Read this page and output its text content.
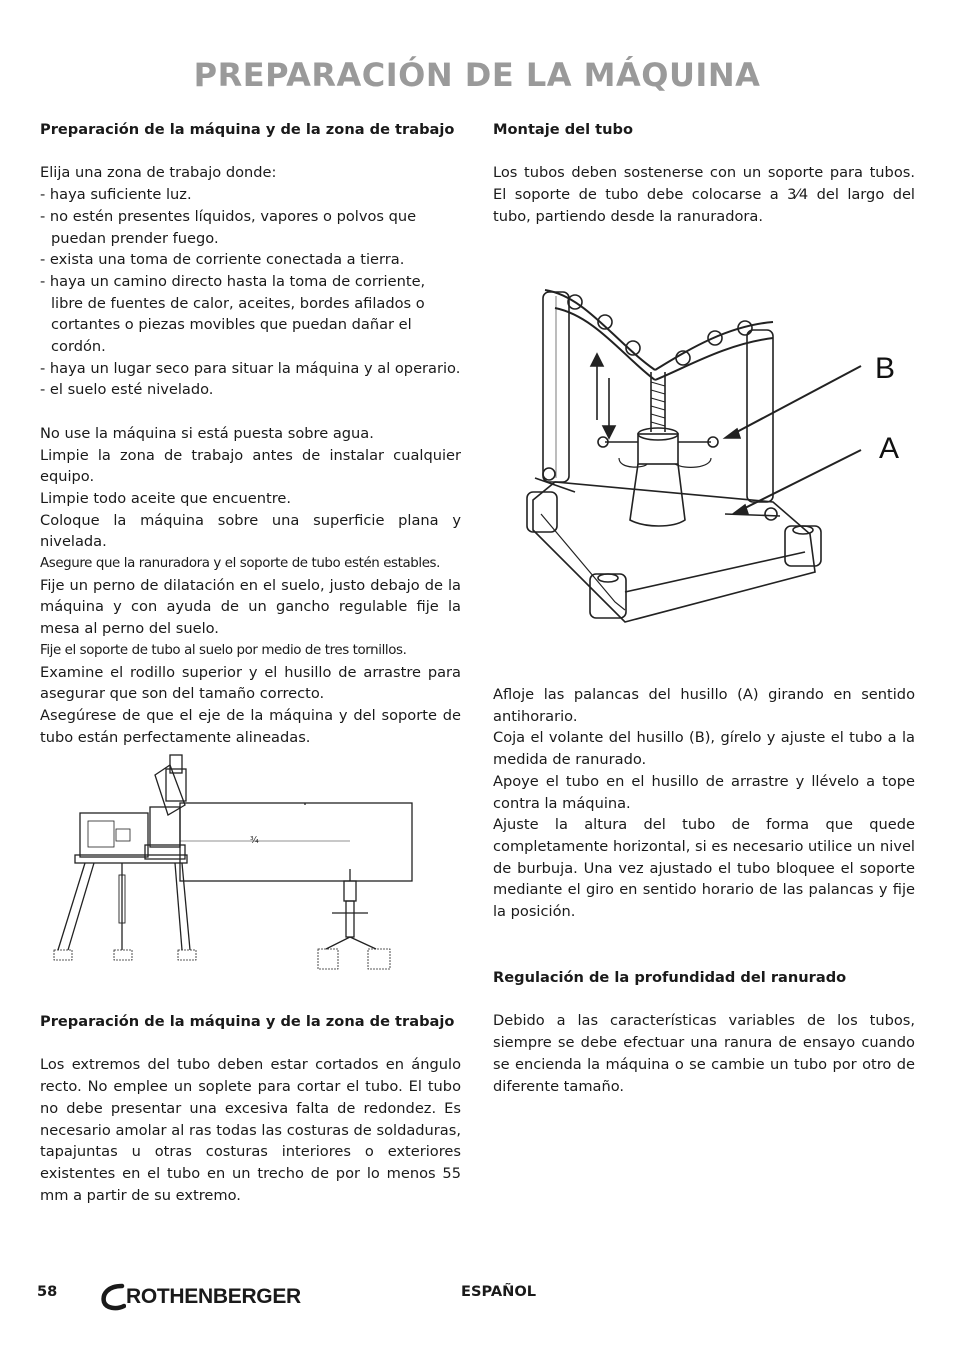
PREPARACIÓN DE LA MÁQUINA

Preparación de la máquina y de la zona de trabajo

Elija una zona de trabajo donde:

- haya suficiente luz.

- no estén presentes líquidos, vapores o polvos que puedan prender fuego.

- exista una toma de corriente conectada a tierra.

- haya un camino directo hasta la toma de corriente, libre de fuentes de calor, aceites, bordes afilados o cortantes o piezas movibles que puedan dañar el cordón.

- haya un lugar seco para situar la máquina y al operario.

- el suelo esté nivelado.

No use la máquina si está puesta sobre agua.

Limpie la zona de trabajo antes de instalar cualquier equipo.

Limpie todo aceite que encuentre.

Coloque la máquina sobre una superficie plana y nivelada.

Asegure que la ranuradora y el soporte de tubo estén estables.

Fije un perno de dilatación en el suelo, justo debajo de la máquina y con ayuda de un gancho regulable fije la mesa al perno del suelo.

Fije el soporte de tubo al suelo por medio de tres tornillos.

Examine el rodillo superior y el husillo de arrastre para asegurar que son del tamaño correcto.

Asegúrese de que el eje de la máquina y del soporte de tubo están perfectamente alineadas.

¾

Preparación de la máquina y de la zona de trabajo

Los extremos del tubo deben estar cortados en ángulo recto. No emplee un soplete para cortar el tubo. El tubo no debe presentar una excesiva falta de redondez. Es necesario amolar al ras todas las costuras de soldaduras, tapajuntas u otras costuras interiores o exteriores existentes en el tubo en un trecho de por lo menos 55 mm a partir de su extremo.

Montaje del tubo

Los tubos deben sostenerse con un soporte para tubos. El soporte de tubo debe colocarse a 3⁄4 del largo del tubo, partiendo desde la ranuradora.

B
A

Afloje las palancas del husillo (A) girando en sentido antihorario.

Coja el volante del husillo (B), gírelo y ajuste el tubo a la medida de ranurado.

Apoye el tubo en el husillo de arrastre y llévelo a tope contra la máquina.

Ajuste la altura del tubo de forma que quede completamente horizontal, si es necesario utilice un nivel de burbuja. Una vez ajustado el tubo bloquee el soporte mediante el giro en sentido horario de las palancas y fije la posición.

Regulación de la profundidad del ranurado

Debido a las características variables de los tubos, siempre se debe efectuar una ranura de ensayo cuando se encienda la máquina o se cambie un tubo por otro de diferente tamaño.

58	ROTHENBERGER	ESPAÑOL
